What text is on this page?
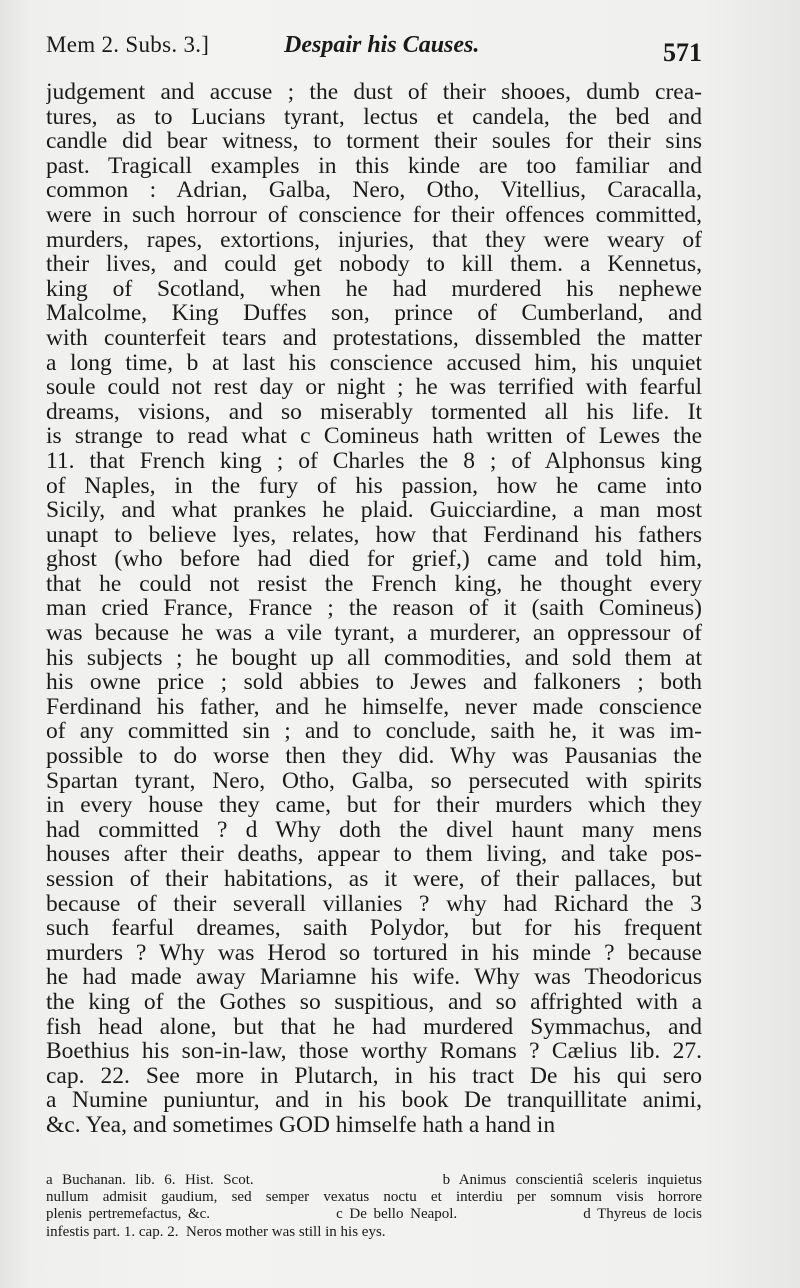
Mem 2. Subs. 3.]	Despair his Causes.	571
judgement and accuse ; the dust of their shooes, dumb crea-
tures, as to Lucians tyrant, lectus et candela, the bed and
candle did bear witness, to torment their soules for their sins
past. Tragicall examples in this kinde are too familiar and
common : Adrian, Galba, Nero, Otho, Vitellius, Caracalla,
were in such horrour of conscience for their offences committed,
murders, rapes, extortions, injuries, that they were weary of
their lives, and could get nobody to kill them. a Kennetus,
king of Scotland, when he had murdered his nephewe
Malcolme, King Duffes son, prince of Cumberland, and
with counterfeit tears and protestations, dissembled the matter
a long time, b at last his conscience accused him, his unquiet
soule could not rest day or night ; he was terrified with fearful
dreams, visions, and so miserably tormented all his life. It
is strange to read what c Comineus hath written of Lewes the
11. that French king ; of Charles the 8 ; of Alphonsus king
of Naples, in the fury of his passion, how he came into
Sicily, and what prankes he plaid. Guicciardine, a man most
unapt to believe lyes, relates, how that Ferdinand his fathers
ghost (who before had died for grief,) came and told him,
that he could not resist the French king, he thought every
man cried France, France ; the reason of it (saith Comineus)
was because he was a vile tyrant, a murderer, an oppressour of
his subjects ; he bought up all commodities, and sold them at
his owne price ; sold abbies to Jewes and falkoners ; both
Ferdinand his father, and he himselfe, never made conscience
of any committed sin ; and to conclude, saith he, it was im-
possible to do worse then they did. Why was Pausanias the
Spartan tyrant, Nero, Otho, Galba, so persecuted with spirits
in every house they came, but for their murders which they
had committed ? d Why doth the divel haunt many mens
houses after their deaths, appear to them living, and take pos-
session of their habitations, as it were, of their pallaces, but
because of their severall villanies ? why had Richard the 3
such fearful dreames, saith Polydor, but for his frequent
murders ? Why was Herod so tortured in his minde ? because
he had made away Mariamne his wife. Why was Theodoricus
the king of the Gothes so suspitious, and so affrighted with a
fish head alone, but that he had murdered Symmachus, and
Boethius his son-in-law, those worthy Romans ? Cælius lib. 27.
cap. 22. See more in Plutarch, in his tract De his qui sero
a Numine puniuntur, and in his book De tranquillitate animi,
&c. Yea, and sometimes GOD himselfe hath a hand in
a Buchanan. lib. 6. Hist. Scot.                    b Animus conscientiâ sceleris inquietus
nullum admisit gaudium, sed semper vexatus noctu et interdiu per somnum visis horrore
plenis pertremefactus, &c.                   c De bello Neapol.                   d Thyreus de locis
infestis part. 1. cap. 2.  Neros mother was still in his eys.
